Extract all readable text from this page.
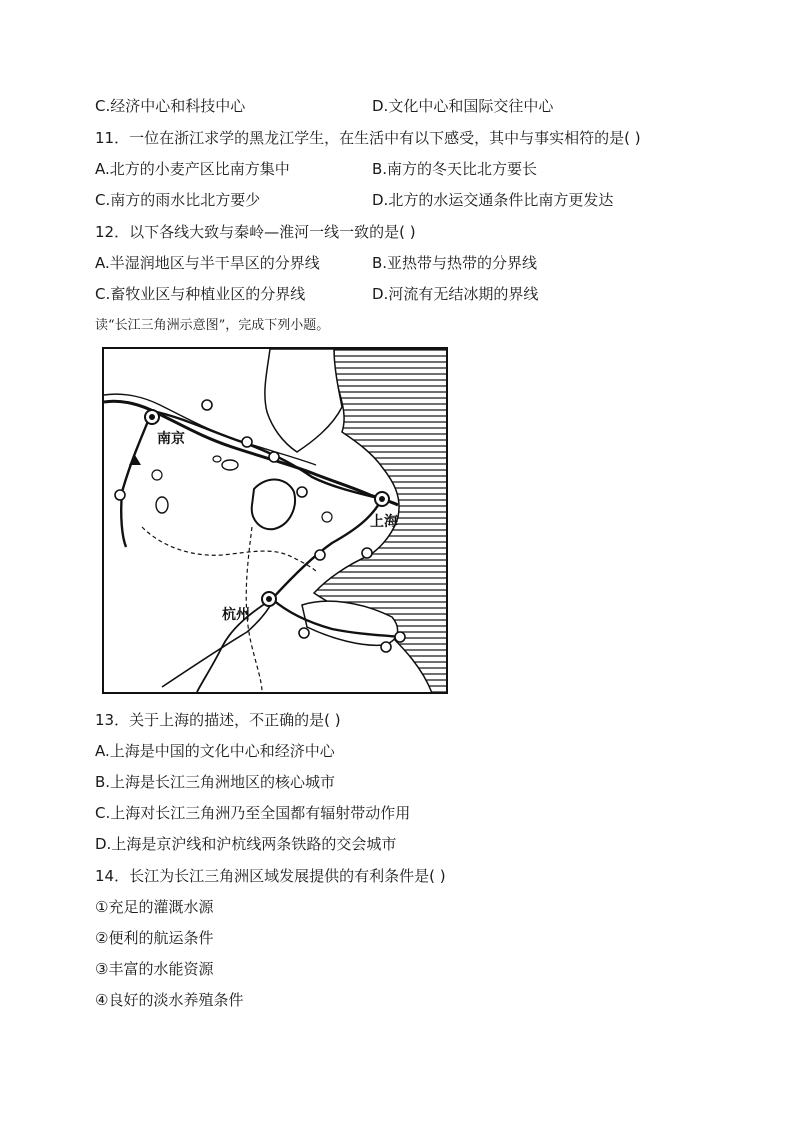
C.经济中心和科技中心	D.文化中心和国际交往中心
11．一位在浙江求学的黑龙江学生，在生活中有以下感受，其中与事实相符的是( )
A.北方的小麦产区比南方集中	B.南方的冬天比北方要长
C.南方的雨水比北方要少	D.北方的水运交通条件比南方更发达
12．以下各线大致与秦岭—淮河一线一致的是( )
A.半湿润地区与半干旱区的分界线	B.亚热带与热带的分界线
C.畜牧业区与种植业区的分界线	D.河流有无结冰期的界线
读“长江三角洲示意图”，完成下列小题。
南京
上海
杭州
13．关于上海的描述，不正确的是( )
A.上海是中国的文化中心和经济中心
B.上海是长江三角洲地区的核心城市
C.上海对长江三角洲乃至全国都有辐射带动作用
D.上海是京沪线和沪杭线两条铁路的交会城市
14．长江为长江三角洲区域发展提供的有利条件是( )
①充足的灌溉水源
②便利的航运条件
③丰富的水能资源
④良好的淡水养殖条件
